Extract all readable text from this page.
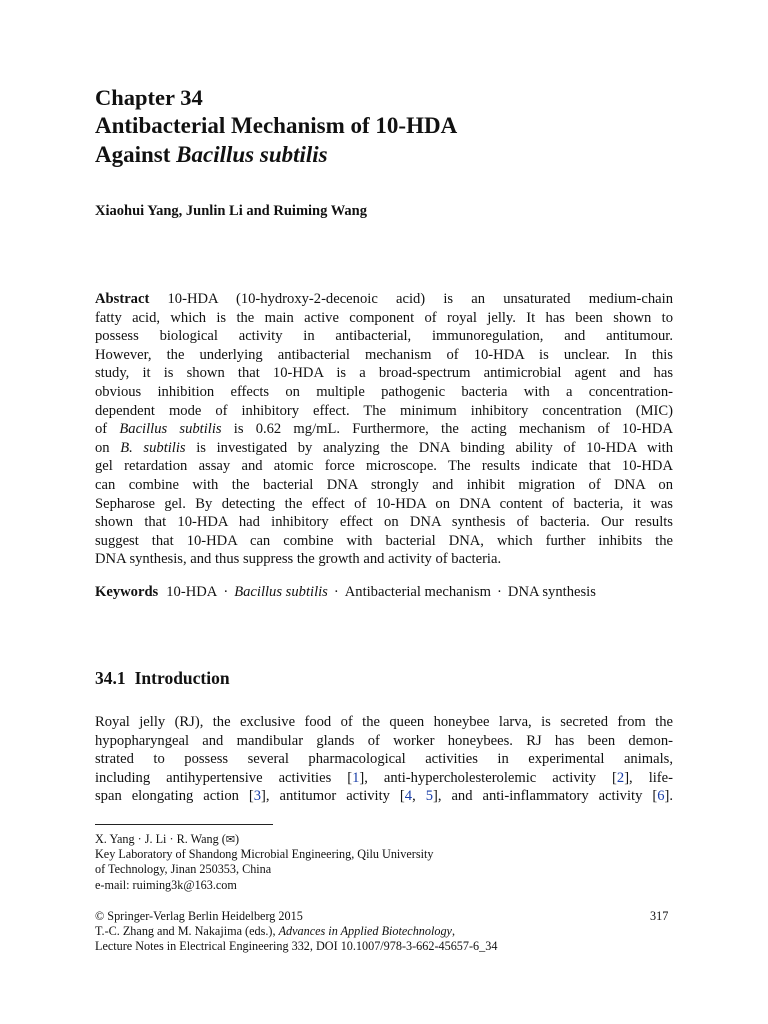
Chapter 34
Antibacterial Mechanism of 10-HDA
Against Bacillus subtilis
Xiaohui Yang, Junlin Li and Ruiming Wang
Abstract 10-HDA (10-hydroxy-2-decenoic acid) is an unsaturated medium-chain
fatty acid, which is the main active component of royal jelly. It has been shown to
possess biological activity in antibacterial, immunoregulation, and antitumour.
However, the underlying antibacterial mechanism of 10-HDA is unclear. In this
study, it is shown that 10-HDA is a broad-spectrum antimicrobial agent and has
obvious inhibition effects on multiple pathogenic bacteria with a concentration-
dependent mode of inhibitory effect. The minimum inhibitory concentration (MIC)
of Bacillus subtilis is 0.62 mg/mL. Furthermore, the acting mechanism of 10-HDA
on B. subtilis is investigated by analyzing the DNA binding ability of 10-HDA with
gel retardation assay and atomic force microscope. The results indicate that 10-HDA
can combine with the bacterial DNA strongly and inhibit migration of DNA on
Sepharose gel. By detecting the effect of 10-HDA on DNA content of bacteria, it was
shown that 10-HDA had inhibitory effect on DNA synthesis of bacteria. Our results
suggest that 10-HDA can combine with bacterial DNA, which further inhibits the
DNA synthesis, and thus suppress the growth and activity of bacteria.
Keywords 10-HDA · Bacillus subtilis · Antibacterial mechanism · DNA synthesis
34.1 Introduction
Royal jelly (RJ), the exclusive food of the queen honeybee larva, is secreted from the
hypopharyngeal and mandibular glands of worker honeybees. RJ has been demon-
strated to possess several pharmacological activities in experimental animals,
including antihypertensive activities [1], anti-hypercholesterolemic activity [2], life-
span elongating action [3], antitumor activity [4, 5], and anti-inflammatory activity [6].
X. Yang · J. Li · R. Wang (✉)
Key Laboratory of Shandong Microbial Engineering, Qilu University
of Technology, Jinan 250353, China
e-mail: ruiming3k@163.com
© Springer-Verlag Berlin Heidelberg 2015
T.-C. Zhang and M. Nakajima (eds.), Advances in Applied Biotechnology,
Lecture Notes in Electrical Engineering 332, DOI 10.1007/978-3-662-45657-6_34
317
